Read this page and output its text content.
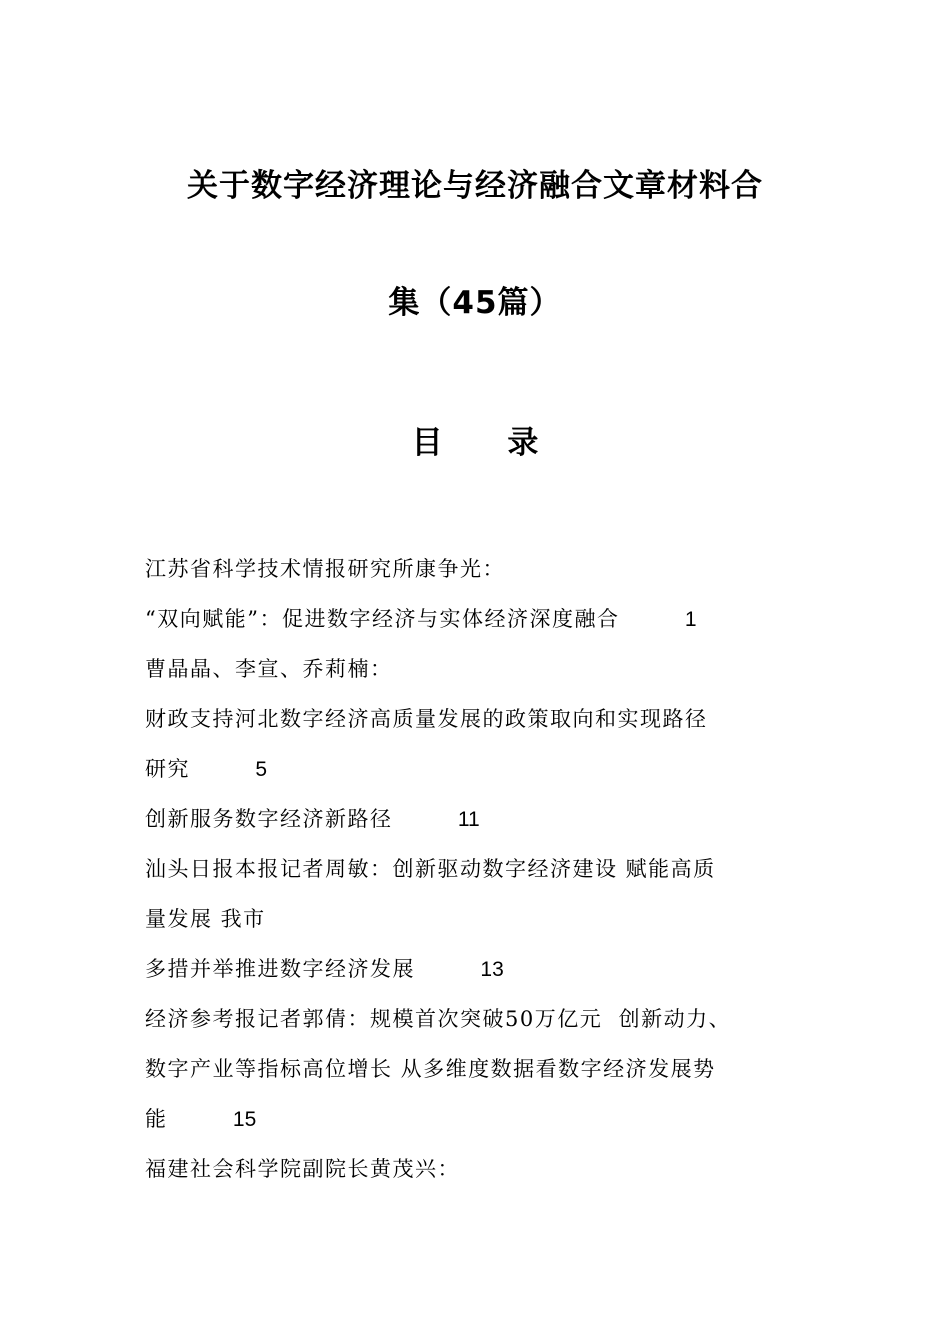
关于数字经济理论与经济融合文章材料合
集（45篇）
目      录
江苏省科学技术情报研究所康争光：
“双向赋能”：促进数字经济与实体经济深度融合	1
曹晶晶、李宣、乔莉楠：
财政支持河北数字经济高质量发展的政策取向和实现路径
研究	5
创新服务数字经济新路径	11
汕头日报本报记者周敏：创新驱动数字经济建设 赋能高质
量发展 我市
多措并举推进数字经济发展	13
经济参考报记者郭倩：规模首次突破50万亿元  创新动力、
数字产业等指标高位增长 从多维度数据看数字经济发展势
能	15
福建社会科学院副院长黄茂兴：
